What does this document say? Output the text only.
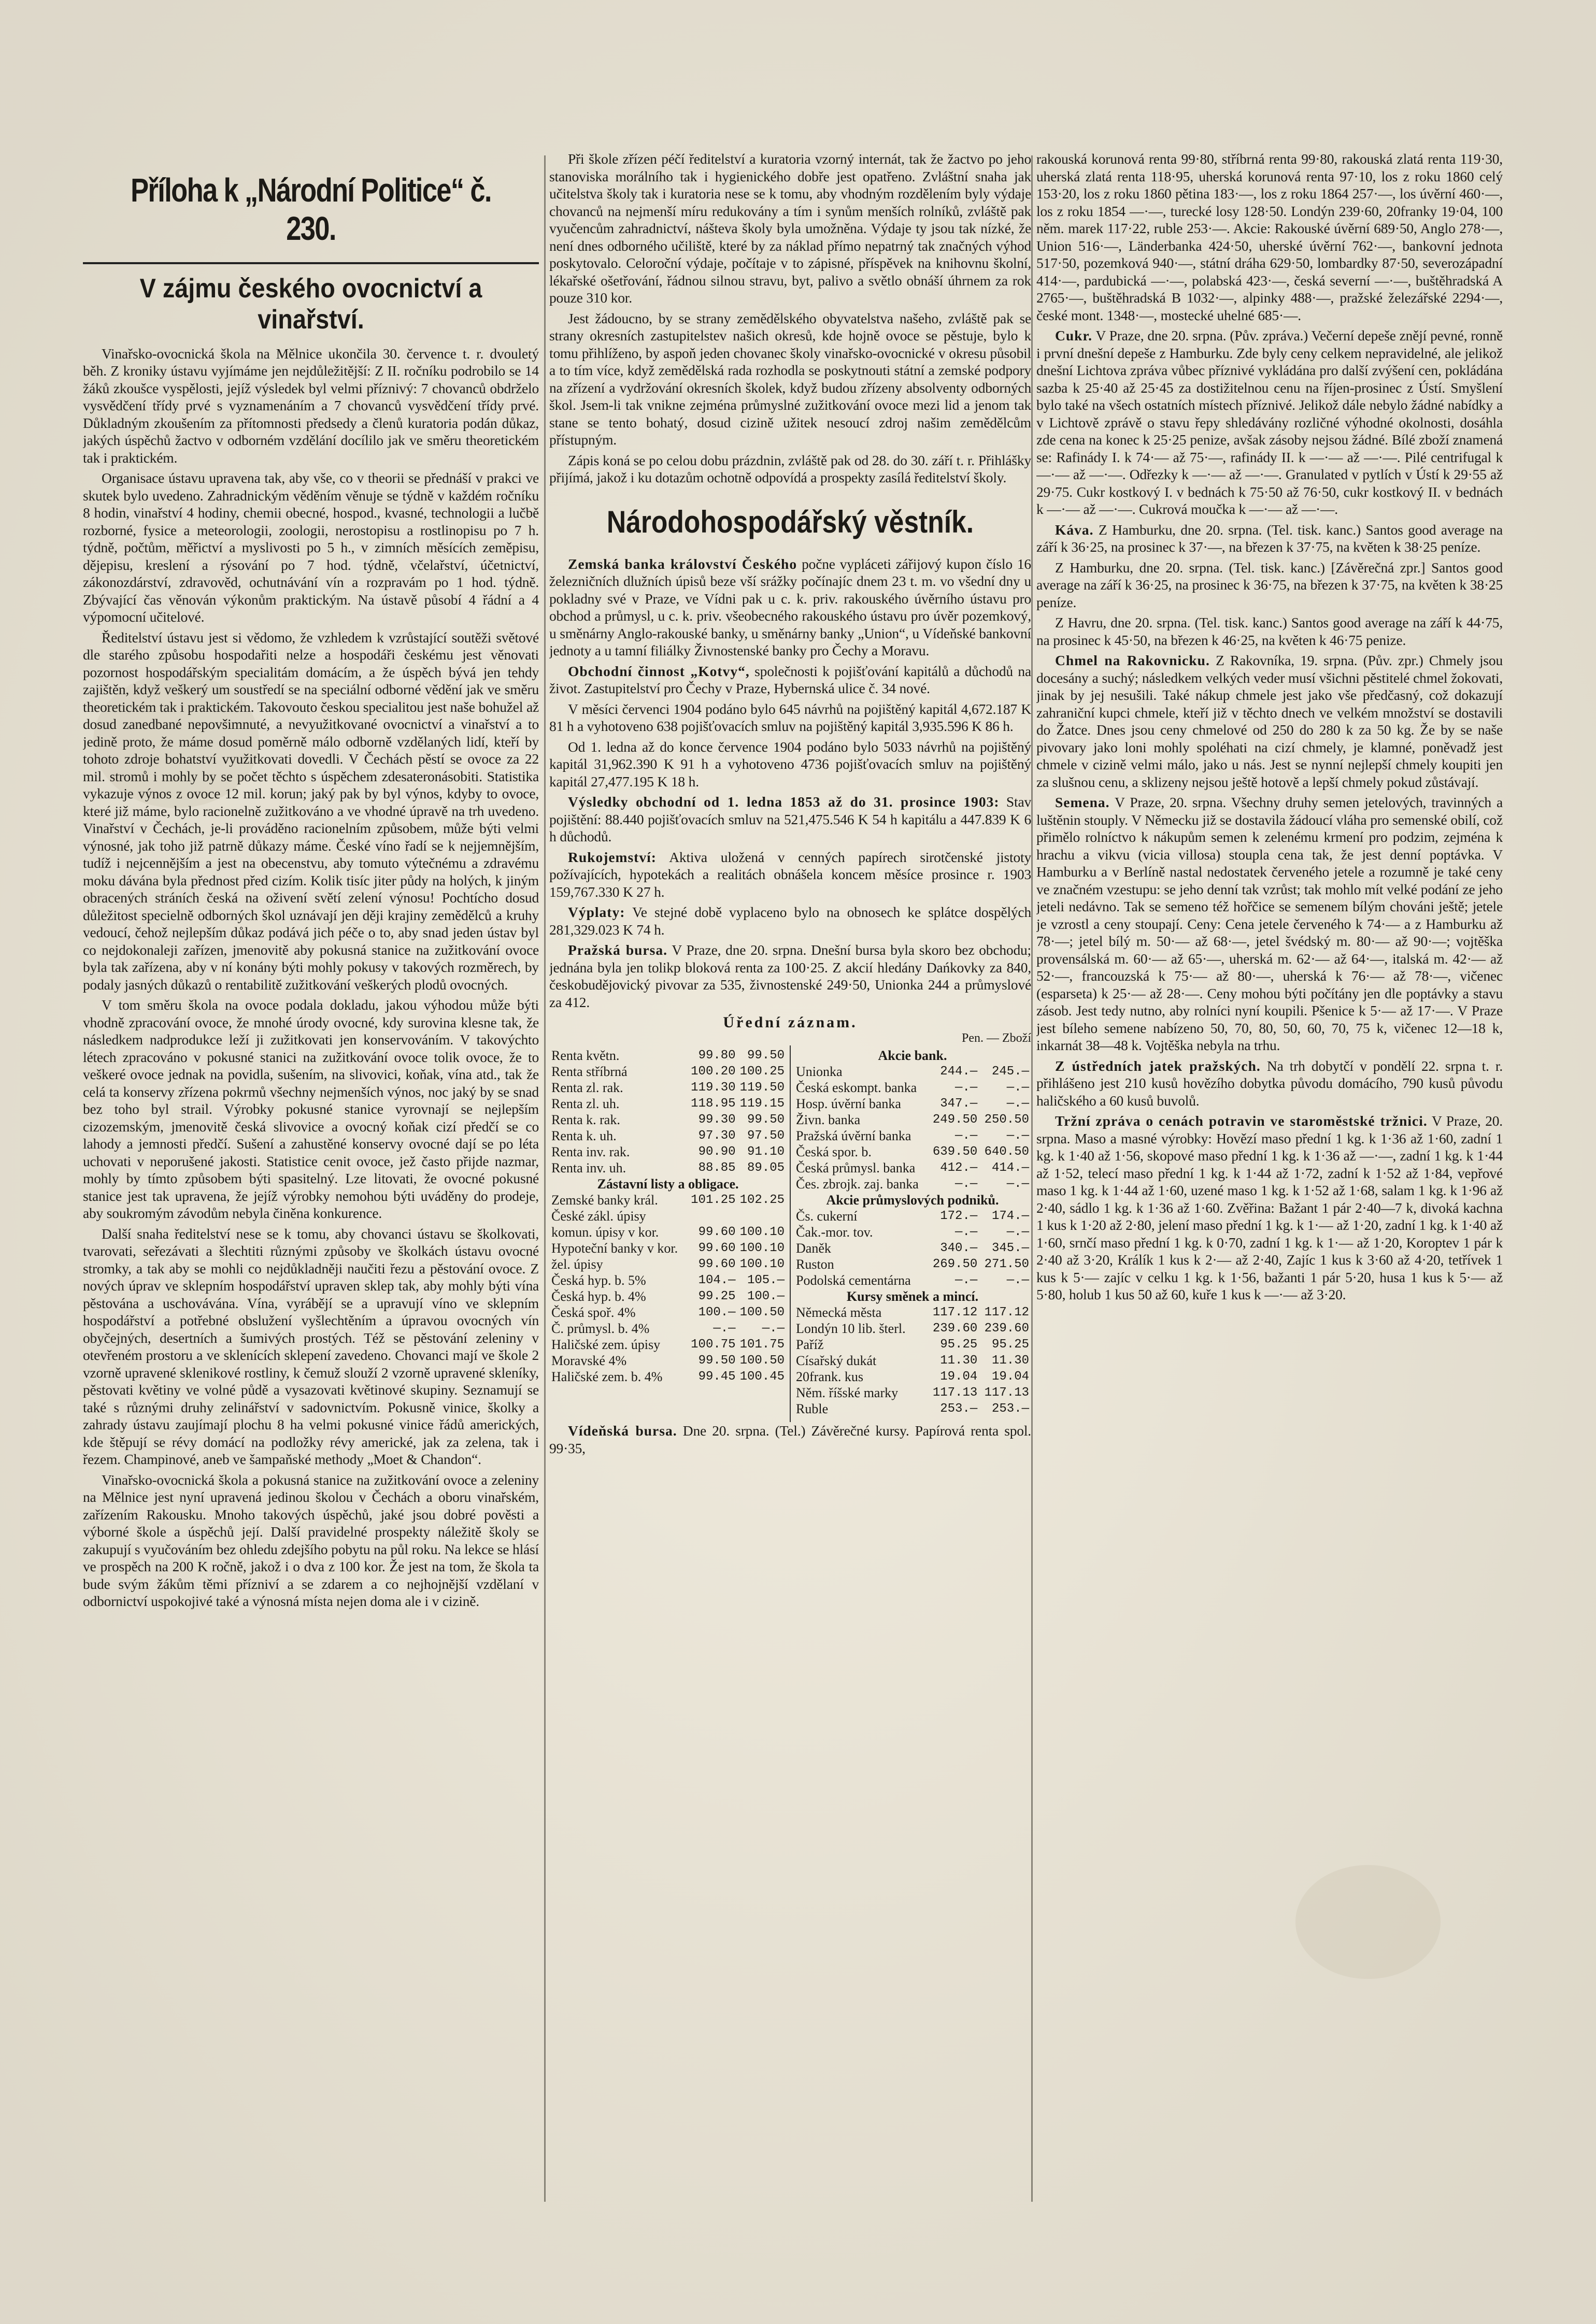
Příloha k „Národní Politice“ č. 230.
V zájmu českého ovocnictví a vinařství.

Vinařsko-ovocnická škola na Mělnice ukončila 30. července t. r. dvouletý běh. Z kroniky ústavu vyjímáme jen nejdůležitější: Z II. ročníku podrobilo se 14 žáků zkoušce vyspělosti, jejíž výsledek byl velmi příznivý: 7 chovanců obdrželo vysvědčení třídy prvé s vyznamenáním a 7 chovanců vysvědčení třídy prvé. Důkladným zkoušením za přítomnosti předsedy a členů kuratoria podán důkaz, jakých úspěchů žactvo v odborném vzdělání docílilo jak ve směru theoretickém tak i praktickém.

Organisace ústavu upravena tak, aby vše, co v theorii se přednáší v prakci ve skutek bylo uvedeno. Zahradnickým věděním věnuje se týdně v každém ročníku 8 hodin, vinařství 4 hodiny, chemii obecné, hospod., kvasné, technologii a lučbě rozborné, fysice a meteorologii, zoologii, nerostopisu a rostlinopisu po 7 h. týdně, počtům, měřictví a myslivosti po 5 h., v zimních měsících zeměpisu, dějepisu, kreslení a rýsování po 7 hod. týdně, včelařství, účetnictví, zákonozdárství, zdravověd, ochutnávání vín a rozpravám po 1 hod. týdně. Zbývající čas věnován výkonům praktickým. Na ústavě působí 4 řádní a 4 výpomocní učitelové.

Ředitelství ústavu jest si vědomo, že vzhledem k vzrůstající soutěži světové dle starého způsobu hospodařiti nelze a hospodáři českému jest věnovati pozornost hospodářským specialitám domácím, a že úspěch bývá jen tehdy zajištěn, když veškerý um soustředí se na speciální odborné vědění jak ve směru theoretickém tak i praktickém. Takovouto českou specialitou jest naše bohužel až dosud zanedbané nepovšimnuté, a nevyužitkované ovocnictví a vinařství a to jedině proto, že máme dosud poměrně málo odborně vzdělaných lidí, kteří by tohoto zdroje bohatství využitkovati dovedli. V Čechách pěstí se ovoce za 22 mil. stromů i mohly by se počet těchto s úspěchem zdesateronásobiti. Statistika vykazuje výnos z ovoce 12 mil. korun; jaký pak by byl výnos, kdyby to ovoce, které již máme, bylo racionelně zužitkováno a ve vhodné úpravě na trh uvedeno. Vinařství v Čechách, je-li prováděno racionelním způsobem, může býti velmi výnosné, jak toho již patrně důkazy máme. České víno řadí se k nejjemnějším, tudíž i nejcennějším a jest na obecenstvu, aby tomuto výtečnému a zdravému moku dávána byla přednost před cizím. Kolik tisíc jiter půdy na holých, k jiným obracených stráních česká na oživení světí zelení výnosu! Pochtícho dosud důležitost specielně odborných škol uznávají jen ději krajiny zemědělců a kruhy vedoucí, čehož nejlepším důkaz podává jich péče o to, aby snad jeden ústav byl co nejdokonaleji zařízen, jmenovitě aby pokusná stanice na zužitkování ovoce byla tak zařízena, aby v ní konány býti mohly pokusy v takových rozměrech, by podaly jasných důkazů o rentabilitě zužitkování veškerých plodů ovocných.

V tom směru škola na ovoce podala dokladu, jakou výhodou může býti vhodně zpracování ovoce, že mnohé úrody ovocné, kdy surovina klesne tak, že následkem nadprodukce leží ji zužitkovati jen konservováním. V takovýchto létech zpracováno v pokusné stanici na zužitkování ovoce tolik ovoce, že to veškeré ovoce jednak na povidla, sušením, na slivovici, koňak, vína atd., tak že celá ta konservy zřízena pokrmů všechny nejmenších výnos, noc jaký by se snad bez toho byl strail. Výrobky pokusné stanice vyrovnají se nejlepším cizozemským, jmenovitě česká slivovice a ovocný koňak cizí předčí se co lahody a jemnosti předčí. Sušení a zahustěné konservy ovocné dají se po léta uchovati v neporušené jakosti. Statistice cenit ovoce, jež často přijde nazmar, mohly by tímto způsobem býti spasitelný. Lze litovati, že ovocné pokusné stanice jest tak upravena, že jejíž výrobky nemohou býti uváděny do prodeje, aby soukromým závodům nebyla činěna konkurence.

Další snaha ředitelství nese se k tomu, aby chovanci ústavu se školkovati, tvarovati, seřezávati a šlechtiti různými způsoby ve školkách ústavu ovocné stromky, a tak aby se mohli co nejdůkladněji naučiti řezu a pěstování ovoce. Z nových úprav ve sklepním hospodářství upraven sklep tak, aby mohly býti vína pěstována a uschovávána. Vína, vyrábějí se a upravují víno ve sklepním hospodářství a potřebné obslužení vyšlechtěním a úpravou ovocných vín obyčejných, desertních a šumivých prostých. Též se pěstování zeleniny v otevřeném prostoru a ve sklenících sklepení zavedeno. Chovanci mají ve škole 2 vzorně upravené sklenikové rostliny, k čemuž slouží 2 vzorně upravené skleníky, pěstovati květiny ve volné půdě a vysazovati květinové skupiny. Seznamují se také s různými druhy zelinářství v sadovnictvím. Pokusně vinice, školky a zahrady ústavu zaujímají plochu 8 ha velmi pokusné vinice řádů amerických, kde štěpují se révy domácí na podložky révy americké, jak za zelena, tak i řezem. Champinové, aneb ve šampaňské methody „Moet & Chandon“.

Vinařsko-ovocnická škola a pokusná stanice na zužitkování ovoce a zeleniny na Mělnice jest nyní upravená jedinou školou v Čechách a oboru vinařském, zařízením Rakousku. Mnoho takových úspěchů, jaké jsou dobré pověsti a výborné škole a úspěchů její. Další pravidelné prospekty náležitě školy se zakupují s vyučováním bez ohledu zdejšího pobytu na půl roku. Na lekce se hlásí ve prospěch na 200 K ročně, jakož i o dva z 100 kor. Že jest na tom, že škola ta bude svým žákům těmi přízniví a se zdarem a co nejhojnější vzdělaní v odbornictví uspokojivé také a výnosná místa nejen doma ale i v cizině.

Při škole zřízen péčí ředitelství a kuratoria vzorný internát, tak že žactvo po jeho stanoviska morálního tak i hygienického dobře jest opatřeno. Zvláštní snaha jak učitelstva školy tak i kuratoria nese se k tomu, aby vhodným rozdělením byly výdaje chovanců na nejmenší míru redukovány a tím i synům menších rolníků, zvláště pak vyučencům zahradnictví, nášteva školy byla umožněna. Výdaje ty jsou tak nízké, že není dnes odborného učiliště, které by za náklad přímo nepatrný tak značných výhod poskytovalo. Celoroční výdaje, počítaje v to zápisné, příspěvek na knihovnu školní, lékařské ošetřování, řádnou silnou stravu, byt, palivo a světlo obnáší úhrnem za rok pouze 310 kor.

Jest žádoucno, by se strany zemědělského obyvatelstva našeho, zvláště pak se strany okresních zastupitelstev našich okresů, kde hojně ovoce se pěstuje, bylo k tomu přihlíženo, by aspoň jeden chovanec školy vinařsko-ovocnické v okresu působil a to tím více, když zemědělská rada rozhodla se poskytnouti státní a zemské podpory na zřízení a vydržování okresních školek, když budou zřízeny absolventy odborných škol. Jsem-li tak vnikne zejména průmyslné zužitkování ovoce mezi lid a jenom tak stane se tento bohatý, dosud cizině užitek nesoucí zdroj našim zemědělcům přístupným.

Zápis koná se po celou dobu prázdnin, zvláště pak od 28. do 30. září t. r. Přihlášky přijímá, jakož i ku dotazům ochotně odpovídá a prospekty zasílá ředitelství školy.

Národohospodářský věstník.

Zemská banka království Českého počne vypláceti zářijový kupon číslo 16 železničních dlužních úpisů beze vší srážky počínajíc dnem 23 t. m. vo všední dny u pokladny své v Praze, ve Vídni pak u c. k. priv. rakouského úvěrního ústavu pro obchod a průmysl, u c. k. priv. všeobecného rakouského ústavu pro úvěr pozemkový, u směnárny Anglo-rakouské banky, u směnárny banky „Union“, u Vídeňské bankovní jednoty a u tamní filiálky Živnostenské banky pro Čechy a Moravu.

Obchodní činnost „Kotvy“, společnosti k pojišťování kapitálů a důchodů na život. Zastupitelství pro Čechy v Praze, Hybernská ulice č. 34 nové.

V měsíci červenci 1904 podáno bylo 645 návrhů na pojištěný kapitál 4,672.187 K 81 h a vyhotoveno 638 pojišťovacích smluv na pojištěný kapitál 3,935.596 K 86 h.

Od 1. ledna až do konce července 1904 podáno bylo 5033 návrhů na pojištěný kapitál 31,962.390 K 91 h a vyhotoveno 4736 pojišťovacích smluv na pojištěný kapitál 27,477.195 K 18 h.

Výsledky obchodní od 1. ledna 1853 až do 31. prosince 1903: Stav pojištění: 88.440 pojišťovacích smluv na 521,475.546 K 54 h kapitálu a 447.839 K 6 h důchodů.

Rukojemství: Aktiva uložená v cenných papírech sirotčenské jistoty požívajících, hypotekách a realitách obnášela koncem měsíce prosince r. 1903 159,767.330 K 27 h.

Výplaty: Ve stejné době vyplaceno bylo na obnosech ke splátce dospělých 281,329.023 K 74 h.

Pražská bursa. V Praze, dne 20. srpna. Dnešní bursa byla skoro bez obchodu; jednána byla jen tolikp bloková renta za 100·25. Z akcií hledány Dańkovky za 840, českobudějovický pivovar za 535, živnostenské 249·50, Unionka 244 a průmyslové za 412.

Úřední záznam.
Pen. — Zboží
Renta květn.	99.80	99.50
Renta stříbrná	100.20	100.25
Renta zl. rak.	119.30	119.50
Renta zl. uh.	118.95	119.15
Renta k. rak.	99.30	99.50
Renta k. uh.	97.30	97.50
Renta inv. rak.	90.90	91.10
Renta inv. uh.	88.85	89.05
Zástavní listy a obligace.		
Zemské banky král. České zákl. úpisy	101.25	102.25
komun. úpisy v kor.	99.60	100.10
Hypoteční banky v kor.	99.60	100.10
žel. úpisy	99.60	100.10
Česká hyp. b. 5%	104.—	105.—
Česká hyp. b. 4%	99.25	100.—
Česká spoř. 4%	100.—	100.50
Č. průmysl. b. 4%	—.—	—.—
Haličské zem. úpisy	100.75	101.75
Moravské 4%	99.50	100.50
Haličské zem. b. 4%	99.45	100.45
Akcie bank.		
Unionka	244.—	245.—
Česká eskompt. banka	—.—	—.—
Hosp. úvěrní banka	347.—	—.—
Živn. banka	249.50	250.50
Pražská úvěrní banka	—.—	—.—
Česká spor. b.	639.50	640.50
Česká průmysl. banka	412.—	414.—
Čes. zbrojk. zaj. banka	—.—	—.—
Akcie průmyslových podniků.		
Čs. cukerní	172.—	174.—
Čak.-mor. tov.	—.—	—.—
Daněk	340.—	345.—
Ruston	269.50	271.50
Podolská cementárna	—.—	—.—
Kursy směnek a mincí.		
Německá města	117.12	117.12
Londýn 10 lib. šterl.	239.60	239.60
Paříž	95.25	95.25
Císařský dukát	11.30	11.30
20frank. kus	19.04	19.04
Něm. říšské marky	117.13	117.13
Ruble	253.—	253.—

Vídeňská bursa. Dne 20. srpna. (Tel.) Závěrečné kursy. Papírová renta spol. 99·35,

rakouská korunová renta 99·80, stříbrná renta 99·80, rakouská zlatá renta 119·30, uherská zlatá renta 118·95, uherská korunová renta 97·10, los z roku 1860 celý 153·20, los z roku 1860 pětina 183·—, los z roku 1864 257·—, los úvěrní 460·—, los z roku 1854 —·—, turecké losy 128·50. Londýn 239·60, 20franky 19·04, 100 něm. marek 117·22, ruble 253·—. Akcie: Rakouské úvěrní 689·50, Anglo 278·—, Union 516·—, Länderbanka 424·50, uherské úvěrní 762·—, bankovní jednota 517·50, pozemková 940·—, státní dráha 629·50, lombardky 87·50, severozápadní 414·—, pardubická —·—, polabská 423·—, česká severní —·—, buštěhradská A 2765·—, buštěhradská B 1032·—, alpinky 488·—, pražské železářské 2294·—, české mont. 1348·—, mostecké uhelné 685·—.

Cukr. V Praze, dne 20. srpna. (Pův. zpráva.) Večerní depeše znějí pevné, ronně i první dnešní depeše z Hamburku. Zde byly ceny celkem nepravidelné, ale jelikož dnešní Lichtova zpráva vůbec příznivé vykládána pro další zvýšení cen, pokládána sazba k 25·40 až 25·45 za dostižitelnou cenu na říjen-prosinec z Ústí. Smyšlení bylo také na všech ostatních místech příznivé. Jelikož dále nebylo žádné nabídky a v Lichtově zprávě o stavu řepy shledávány rozličné výhodné okolnosti, dosáhla zde cena na konec k 25·25 penize, avšak zásoby nejsou žádné. Bílé zboží znamená se: Rafinády I. k 74·— až 75·—, rafinády II. k —·— až —·—. Pilé centrifugal k —·— až —·—. Odřezky k —·— až —·—. Granulated v pytlích v Ústí k 29·55 až 29·75. Cukr kostkový I. v bednách k 75·50 až 76·50, cukr kostkový II. v bednách k —·— až —·—. Cukrová moučka k —·— až —·—.

Káva. Z Hamburku, dne 20. srpna. (Tel. tisk. kanc.) Santos good average na září k 36·25, na prosinec k 37·—, na březen k 37·75, na květen k 38·25 peníze.

Z Hamburku, dne 20. srpna. (Tel. tisk. kanc.) [Závěrečná zpr.] Santos good average na září k 36·25, na prosinec k 36·75, na březen k 37·75, na květen k 38·25 peníze.

Z Havru, dne 20. srpna. (Tel. tisk. kanc.) Santos good average na září k 44·75, na prosinec k 45·50, na březen k 46·25, na květen k 46·75 penize.

Chmel na Rakovnicku. Z Rakovníka, 19. srpna. (Pův. zpr.) Chmely jsou docesány a suchý; následkem velkých veder musí všichni pěstitelé chmel žokovati, jinak by jej nesušili. Také nákup chmele jest jako vše předčasný, což dokazují zahraniční kupci chmele, kteří již v těchto dnech ve velkém množství se dostavili do Žatce. Dnes jsou ceny chmelové od 250 do 280 k za 50 kg. Že by se naše pivovary jako loni mohly spoléhati na cizí chmely, je klamné, poněvadž jest chmele v cizině velmi málo, jako u nás. Jest se nynní nejlepší chmely koupiti jen za slušnou cenu, a sklizeny nejsou ještě hotově a lepší chmely pokud zůstávají.

Semena. V Praze, 20. srpna. Všechny druhy semen jetelových, travinných a luštěnin stouply. V Německu již se dostavila žádoucí vláha pro semenské obilí, což přimělo rolníctvo k nákupům semen k zelenému krmení pro podzim, zejména k hrachu a vikvu (vicia villosa) stoupla cena tak, že jest denní poptávka. V Hamburku a v Berlíně nastal nedostatek červeného jetele a rozumně je také ceny ve značném vzestupu: se jeho denní tak vzrůst; tak mohlo mít velké podání ze jeho jeteli nedávno. Tak se semeno též hořčice se semenem bílým chováni ještě; jetele je vzrostl a ceny stoupají. Ceny: Cena jetele červeného k 74·— a z Hamburku až 78·—; jetel bílý m. 50·— až 68·—, jetel švédský m. 80·— až 90·—; vojtěška provensálská m. 60·— až 65·—, uherská m. 62·— až 64·—, italská m. 42·— až 52·—, francouzská k 75·— až 80·—, uherská k 76·— až 78·—, vičenec (esparseta) k 25·— až 28·—. Ceny mohou býti počítány jen dle poptávky a stavu zásob. Jest tedy nutno, aby rolníci nyní koupili. Pšenice k 5·— až 17·—. V Praze jest bíleho semene nabízeno 50, 70, 80, 50, 60, 70, 75 k, vičenec 12—18 k, inkarnát 38—48 k. Vojtěška nebyla na trhu.

Z ústředních jatek pražských. Na trh dobytčí v pondělí 22. srpna t. r. přihlášeno jest 210 kusů hovězího dobytka původu domácího, 790 kusů původu haličského a 60 kusů buvolů.

Tržní zpráva o cenách potravin ve staroměstské tržnici. V Praze, 20. srpna. Maso a masné výrobky: Hovězí maso přední 1 kg. k 1·36 až 1·60, zadní 1 kg. k 1·40 až 1·56, skopové maso přední 1 kg. k 1·36 až —·—, zadní 1 kg. k 1·44 až 1·52, telecí maso přední 1 kg. k 1·44 až 1·72, zadní k 1·52 až 1·84, vepřové maso 1 kg. k 1·44 až 1·60, uzené maso 1 kg. k 1·52 až 1·68, salam 1 kg. k 1·96 až 2·40, sádlo 1 kg. k 1·36 až 1·60. Zvěřina: Bažant 1 pár 2·40—7 k, divoká kachna 1 kus k 1·20 až 2·80, jelení maso přední 1 kg. k 1·— až 1·20, zadní 1 kg. k 1·40 až 1·60, srnčí maso přední 1 kg. k 0·70, zadní 1 kg. k 1·— až 1·20, Koroptev 1 pár k 2·40 až 3·20, Králík 1 kus k 2·— až 2·40, Zajíc 1 kus k 3·60 až 4·20, tetřívek 1 kus k 5·— zajíc v celku 1 kg. k 1·56, bažanti 1 pár 5·20, husa 1 kus k 5·— až 5·80, holub 1 kus 50 až 60, kuře 1 kus k —·— až 3·20.
